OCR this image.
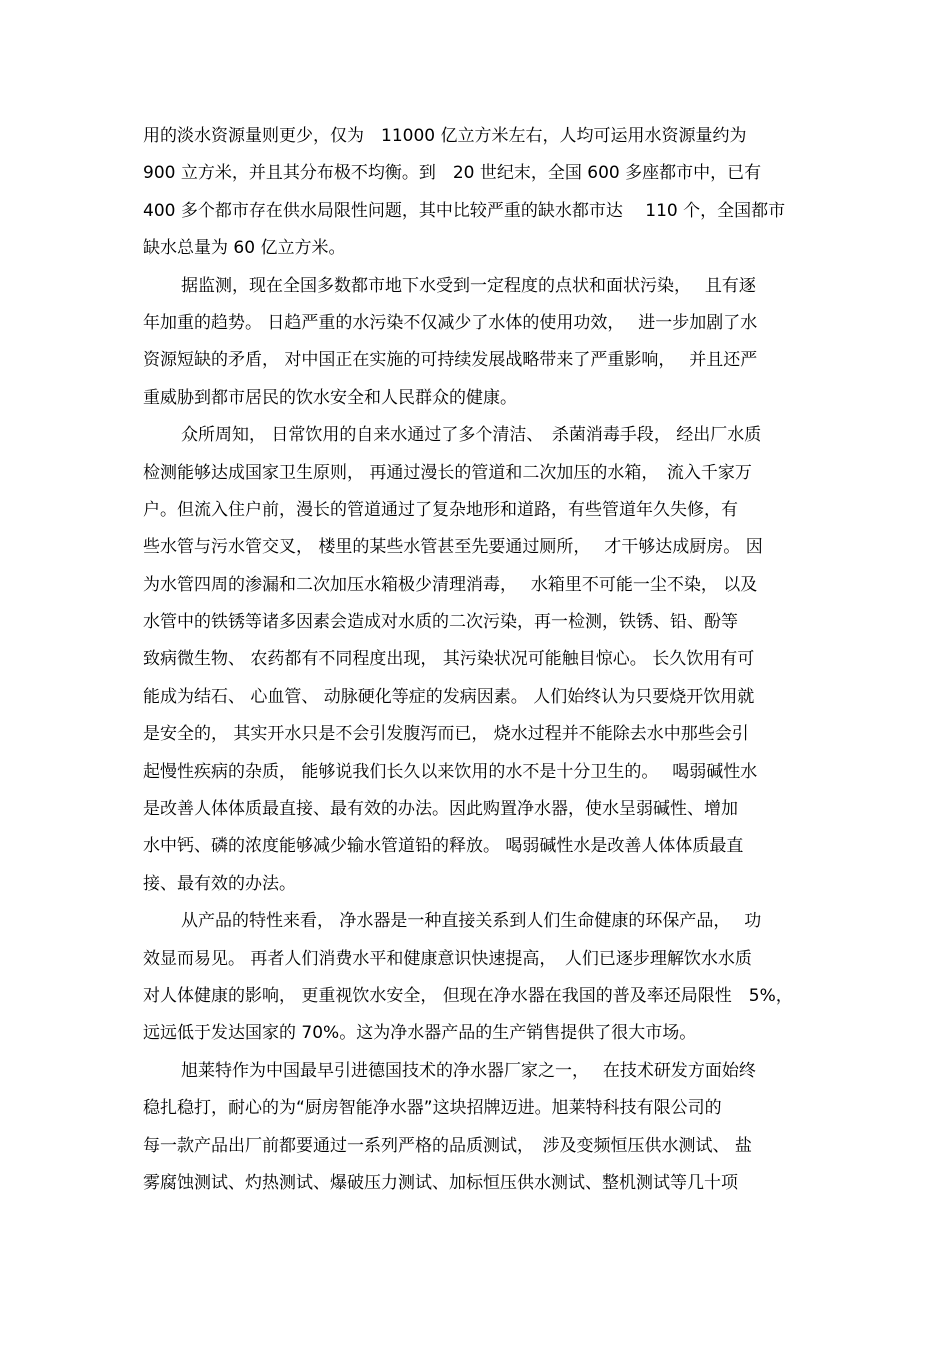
用的淡水资源量则更少，仅为　11000 亿立方米左右，人均可运用水资源量约为
900 立方米，并且其分布极不均衡。到　20 世纪末，全国 600 多座都市中，已有
400 多个都市存在供水局限性问题，其中比较严重的缺水都市达　 110 个，全国都市
缺水总量为 60 亿立方米。
据监测，现在全国多数都市地下水受到一定程度的点状和面状污染，　 且有逐
年加重的趋势。 日趋严重的水污染不仅减少了水体的使用功效，　 进一步加剧了水
资源短缺的矛盾， 对中国正在实施的可持续发展战略带来了严重影响，　 并且还严
重威胁到都市居民的饮水安全和人民群众的健康。
众所周知， 日常饮用的自来水通过了多个清洁、　杀菌消毒手段， 经出厂水质
检测能够达成国家卫生原则， 再通过漫长的管道和二次加压的水箱，　流入千家万
户。但流入住户前，漫长的管道通过了复杂地形和道路，有些管道年久失修，有
些水管与污水管交叉， 楼里的某些水管甚至先要通过厕所，　 才干够达成厨房。 因
为水管四周的渗漏和二次加压水箱极少清理消毒，　 水箱里不可能一尘不染， 以及
水管中的铁锈等诸多因素会造成对水质的二次污染，再一检测，铁锈、铅、酚等
致病微生物、 农药都有不同程度出现， 其污染状况可能触目惊心。 长久饮用有可
能成为结石、 心血管、 动脉硬化等症的发病因素。 人们始终认为只要烧开饮用就
是安全的， 其实开水只是不会引发腹泻而已， 烧水过程并不能除去水中那些会引
起慢性疾病的杂质， 能够说我们长久以来饮用的水不是十分卫生的。　 喝弱碱性水
是改善人体体质最直接、最有效的办法。因此购置净水器，使水呈弱碱性、增加
水中钙、磷的浓度能够减少输水管道铅的释放。 喝弱碱性水是改善人体体质最直
接、最有效的办法。
从产品的特性来看， 净水器是一种直接关系到人们生命健康的环保产品，　 功
效显而易见。 再者人们消费水平和健康意识快速提高，　人们已逐步理解饮水水质
对人体健康的影响， 更重视饮水安全， 但现在净水器在我国的普及率还局限性　5%，
远远低于发达国家的 70%。这为净水器产品的生产销售提供了很大市场。
旭莱特作为中国最早引进德国技术的净水器厂家之一，　 在技术研发方面始终
稳扎稳打，耐心的为“厨房智能净水器”这块招牌迈进。旭莱特科技有限公司的
每一款产品出厂前都要通过一系列严格的品质测试，　涉及变频恒压供水测试、 盐
雾腐蚀测试、灼热测试、爆破压力测试、加标恒压供水测试、整机测试等几十项
